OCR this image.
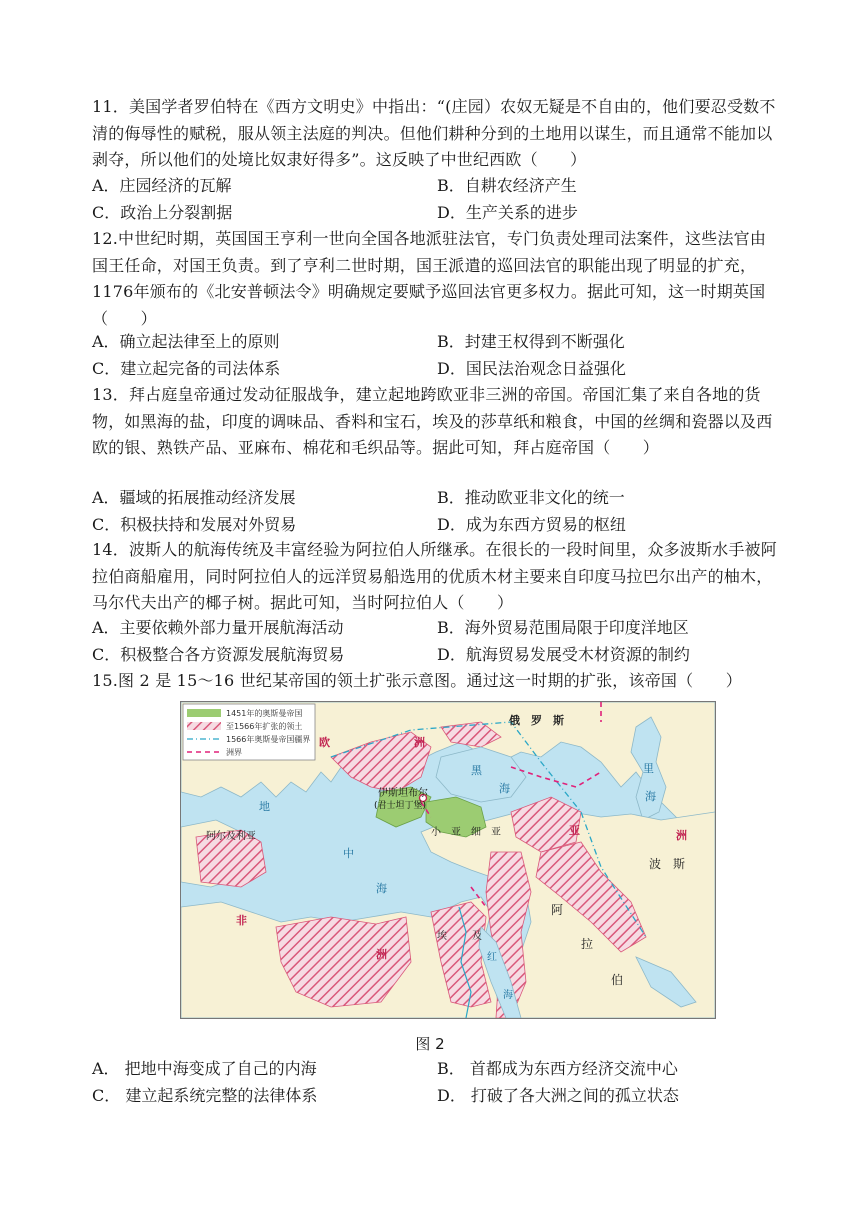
11．美国学者罗伯特在《西方文明史》中指出：“(庄园）农奴无疑是不自由的，他们要忍受数不清的侮辱性的赋税，服从领主法庭的判决。但他们耕种分到的土地用以谋生，而且通常不能加以剥夺，所以他们的处境比奴隶好得多”。这反映了中世纪西欧（　　）

A．庄园经济的瓦解	B．自耕农经济产生
C．政治上分裂割据	D．生产关系的进步

12.中世纪时期，英国国王亨利一世向全国各地派驻法官，专门负责处理司法案件，这些法官由国王任命，对国王负责。到了亨利二世时期，国王派遣的巡回法官的职能出现了明显的扩充，1176年颁布的《北安普顿法令》明确规定要赋予巡回法官更多权力。据此可知，这一时期英国（　　）

A．确立起法律至上的原则	B．封建王权得到不断强化
C．建立起完备的司法体系	D．国民法治观念日益强化

13．拜占庭皇帝通过发动征服战争，建立起地跨欧亚非三洲的帝国。帝国汇集了来自各地的货物，如黑海的盐，印度的调味品、香料和宝石，埃及的莎草纸和粮食，中国的丝绸和瓷器以及西欧的银、熟铁产品、亚麻布、棉花和毛织品等。据此可知，拜占庭帝国（　　）

A．疆域的拓展推动经济发展	B．推动欧亚非文化的统一
C．积极扶持和发展对外贸易	D．成为东西方贸易的枢纽

14．波斯人的航海传统及丰富经验为阿拉伯人所继承。在很长的一段时间里，众多波斯水手被阿拉伯商船雇用，同时阿拉伯人的远洋贸易船选用的优质木材主要来自印度马拉巴尔出产的柚木，马尔代夫出产的椰子树。据此可知，当时阿拉伯人（　　）

A．主要依赖外部力量开展航海活动	B．海外贸易范围局限于印度洋地区
C．积极整合各方资源发展航海贸易	D．航海贸易发展受木材资源的制约

15.图 2 是 15～16 世纪某帝国的领土扩张示意图。通过这一时期的扩张，该帝国（　　）

1451年的奥斯曼帝国
至1566年扩张的领土
1566年奥斯曼帝国疆界
洲界
俄　罗　斯
欧	洲
伊斯坦布尔
(君士坦丁堡)
黑
海
里
海
地
中
海
阿尔及利亚	小　亚　细　亚	亚	洲
波　斯
非
洲
埃	及
红
海
阿
拉
伯
图 2
A． 把地中海变成了自己的内海	B． 首都成为东西方经济交流中心
C． 建立起系统完整的法律体系	D． 打破了各大洲之间的孤立状态
